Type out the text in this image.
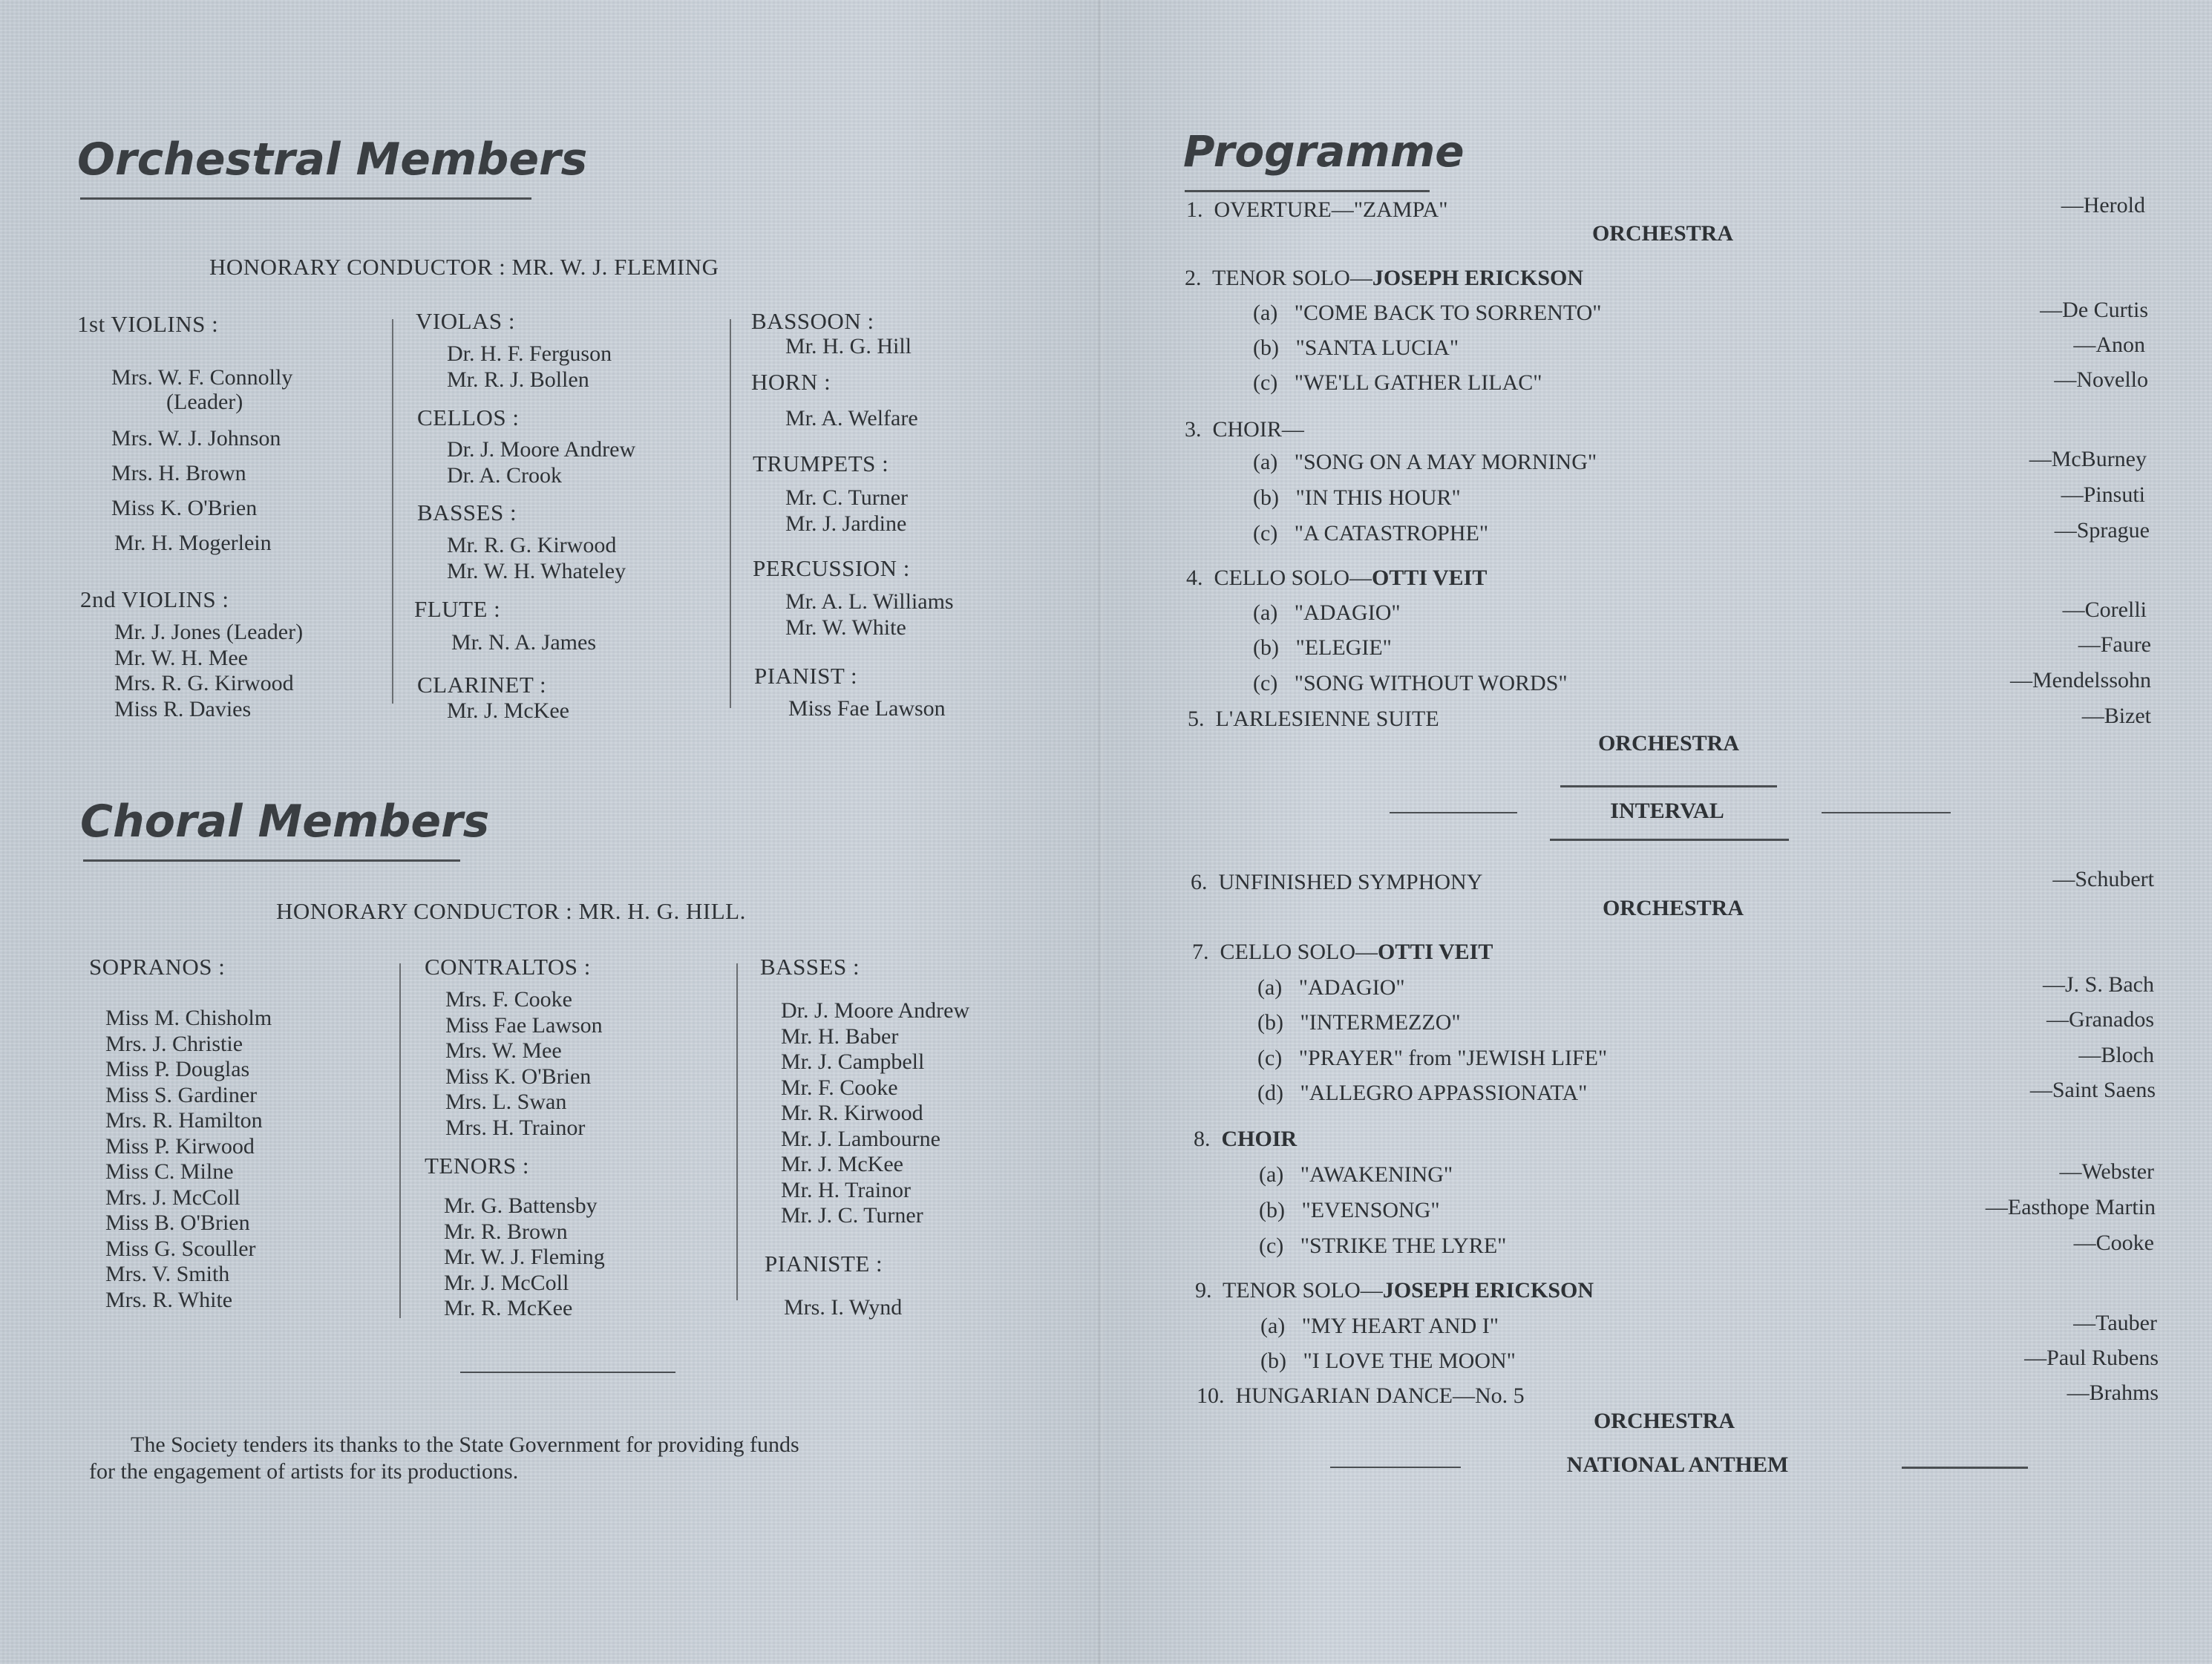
Orchestral Members
HONORARY CONDUCTOR : MR. W. J. FLEMING
1st VIOLINS :
Mrs. W. F. Connolly
(Leader)
Mrs. W. J. Johnson
Mrs. H. Brown
Miss K. O'Brien
Mr. H. Mogerlein
2nd VIOLINS :
Mr. J. Jones (Leader)
Mr. W. H. Mee
Mrs. R. G. Kirwood
Miss R. Davies
VIOLAS :
Dr. H. F. Ferguson
Mr. R. J. Bollen
CELLOS :
Dr. J. Moore Andrew
Dr. A. Crook
BASSES :
Mr. R. G. Kirwood
Mr. W. H. Whateley
FLUTE :
Mr. N. A. James
CLARINET :
Mr. J. McKee
BASSOON :
Mr. H. G. Hill
HORN :
Mr. A. Welfare
TRUMPETS :
Mr. C. Turner
Mr. J. Jardine
PERCUSSION :
Mr. A. L. Williams
Mr. W. White
PIANIST :
Miss Fae Lawson
Choral Members
HONORARY CONDUCTOR : MR. H. G. HILL.
SOPRANOS :
Miss M. Chisholm
Mrs. J. Christie
Miss P. Douglas
Miss S. Gardiner
Mrs. R. Hamilton
Miss P. Kirwood
Miss C. Milne
Mrs. J. McColl
Miss B. O'Brien
Miss G. Scouller
Mrs. V. Smith
Mrs. R. White
CONTRALTOS :
Mrs. F. Cooke
Miss Fae Lawson
Mrs. W. Mee
Miss K. O'Brien
Mrs. L. Swan
Mrs. H. Trainor
TENORS :
Mr. G. Battensby
Mr. R. Brown
Mr. W. J. Fleming
Mr. J. McColl
Mr. R. McKee
BASSES :
Dr. J. Moore Andrew
Mr. H. Baber
Mr. J. Campbell
Mr. F. Cooke
Mr. R. Kirwood
Mr. J. Lambourne
Mr. J. McKee
Mr. H. Trainor
Mr. J. C. Turner
PIANISTE :
Mrs. I. Wynd
The Society tenders its thanks to the State Government for providing funds
for the engagement of artists for its productions.
Programme
1. OVERTURE—"ZAMPA"	—Herold
ORCHESTRA
2. TENOR SOLO—JOSEPH ERICKSON
(a) "COME BACK TO SORRENTO"	—De Curtis
(b) "SANTA LUCIA"	—Anon
(c) "WE'LL GATHER LILAC"	—Novello
3. CHOIR—
(a) "SONG ON A MAY MORNING"	—McBurney
(b) "IN THIS HOUR"	—Pinsuti
(c) "A CATASTROPHE"	—Sprague
4. CELLO SOLO—OTTI VEIT
(a) "ADAGIO"	—Corelli
(b) "ELEGIE"	—Faure
(c) "SONG WITHOUT WORDS"	—Mendelssohn
5. L'ARLESIENNE SUITE	—Bizet
ORCHESTRA
INTERVAL
6. UNFINISHED SYMPHONY	—Schubert
ORCHESTRA
7. CELLO SOLO—OTTI VEIT
(a) "ADAGIO"	—J. S. Bach
(b) "INTERMEZZO"	—Granados
(c) "PRAYER" from "JEWISH LIFE"	—Bloch
(d) "ALLEGRO APPASSIONATA"	—Saint Saens
8. CHOIR
(a) "AWAKENING"	—Webster
(b) "EVENSONG"	—Easthope Martin
(c) "STRIKE THE LYRE"	—Cooke
9. TENOR SOLO—JOSEPH ERICKSON
(a) "MY HEART AND I"	—Tauber
(b) "I LOVE THE MOON"	—Paul Rubens
10. HUNGARIAN DANCE—No. 5	—Brahms
ORCHESTRA
NATIONAL ANTHEM
